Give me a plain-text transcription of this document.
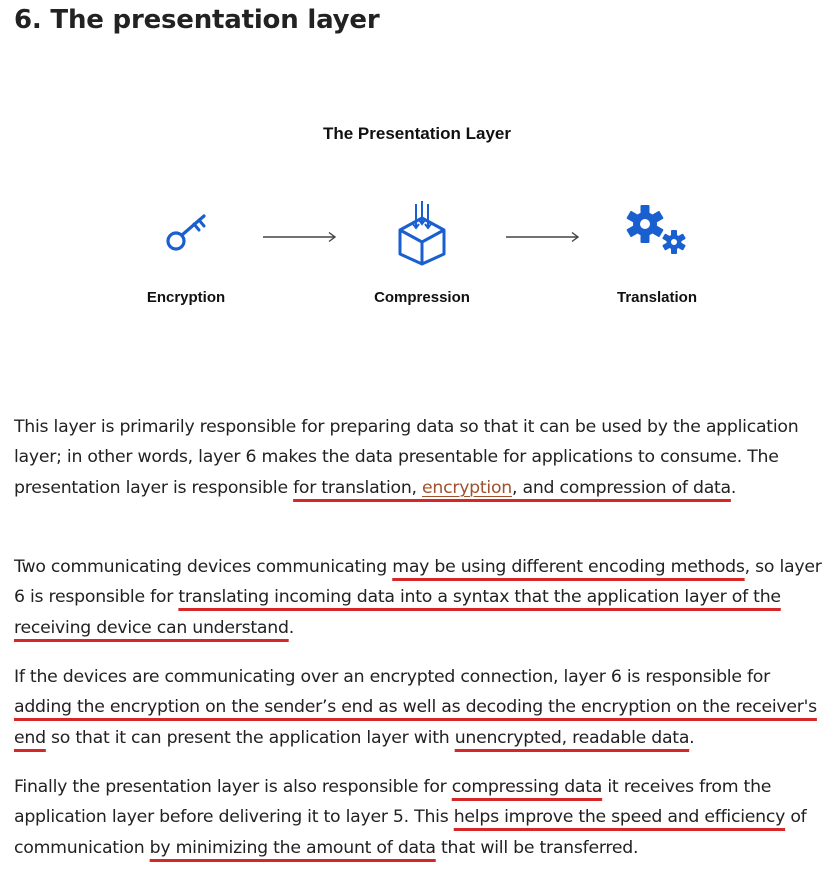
6. The presentation layer
The Presentation Layer
Encryption	Compression	Translation

This layer is primarily responsible for preparing data so that it can be used by the application layer; in other words, layer 6 makes the data presentable for applications to consume. The presentation layer is responsible for translation, encryption, and compression of data.

Two communicating devices communicating may be using different encoding methods, so layer 6 is responsible for translating incoming data into a syntax that the application layer of the receiving device can understand.

If the devices are communicating over an encrypted connection, layer 6 is responsible for adding the encryption on the sender’s end as well as decoding the encryption on the receiver's end so that it can present the application layer with unencrypted, readable data.

Finally the presentation layer is also responsible for compressing data it receives from the application layer before delivering it to layer 5. This helps improve the speed and efficiency of communication by minimizing the amount of data that will be transferred.
